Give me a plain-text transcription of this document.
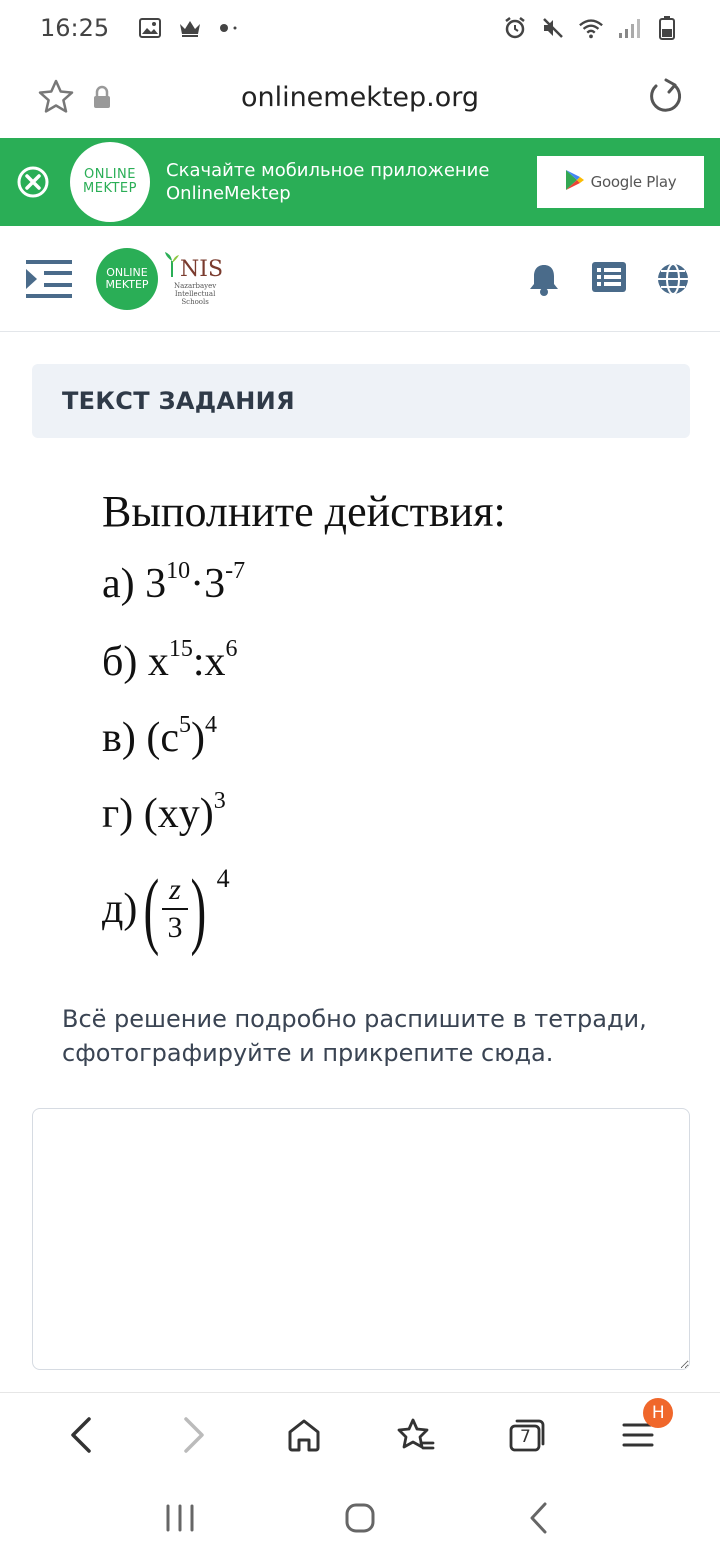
16:25
onlinemektep.org
ONLINE
MEKTEP
Скачайте мобильное приложение
OnlineMektep
Google Play
ONLINE
MEKTEP
NIS
Nazarbayev
Intellectual
Schools
ТЕКСТ ЗАДАНИЯ
Выполните действия:
а) $3^{10}\cdot 3^{-7}$
б) $x^{15}:x^6$
в) $(c^5)^4$
г) (xy)$^3$
д) ( $\frac{z}{3}$ ) 4
Всё решение подробно распишите в тетради, сфотографируйте и прикрепите сюда.
7
H
